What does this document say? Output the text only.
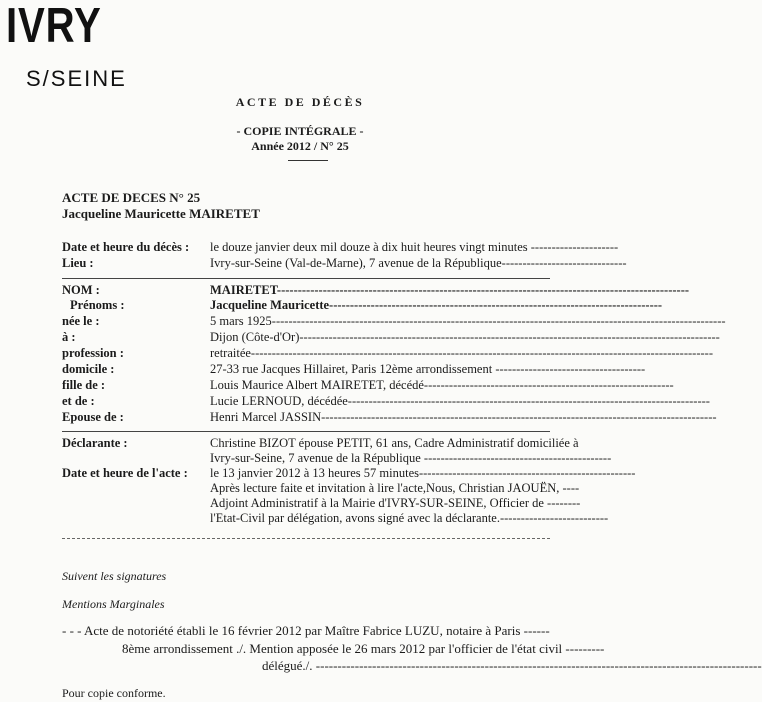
IVRY
S/SEINE
ACTE DE DÉCÈS
- COPIE INTÉGRALE -
Année 2012 / N° 25
ACTE DE DECES N° 25
Jacqueline Mauricette MAIRETET
Date et heure du décès : le douze janvier deux mil douze à dix huit heures vingt minutes ---------------------
Lieu :	Ivry-sur-Seine (Val-de-Marne), 7 avenue de la République------------------------------
NOM :	MAIRETET---------------------------------------------------------------------------------------------------
Prénoms :	Jacqueline Mauricette--------------------------------------------------------------------------------
née le :	5 mars 1925-------------------------------------------------------------------------------------------------------------
à :	Dijon (Côte-d'Or)-----------------------------------------------------------------------------------------------------
profession :	retraitée---------------------------------------------------------------------------------------------------------------
domicile :	27-33 rue Jacques Hillairet, Paris 12ème arrondissement ------------------------------------
fille de :	Louis Maurice Albert MAIRETET, décédé------------------------------------------------------------
et de :	Lucie LERNOUD, décédée---------------------------------------------------------------------------------------
Epouse de :	Henri Marcel JASSIN-----------------------------------------------------------------------------------------------
Déclarante :	Christine BIZOT épouse PETIT, 61 ans, Cadre Administratif domiciliée à
Ivry-sur-Seine, 7 avenue de la République ---------------------------------------------
Date et heure de l'acte : le 13 janvier 2012 à 13 heures 57 minutes----------------------------------------------------
Après lecture faite et invitation à lire l'acte,Nous, Christian JAOUËN, ----
Adjoint Administratif à la Mairie d'IVRY-SUR-SEINE, Officier de --------
l'Etat-Civil par délégation, avons signé avec la déclarante.--------------------------
Suivent les signatures
Mentions Marginales
- - - Acte de notoriété établi le 16 février 2012 par Maître Fabrice LUZU, notaire à Paris ------
8ème arrondissement ./. Mention apposée le 26 mars 2012 par l'officier de l'état civil ---------
délégué./. -------------------------------------------------------------------------------------------------------
Pour copie conforme.
